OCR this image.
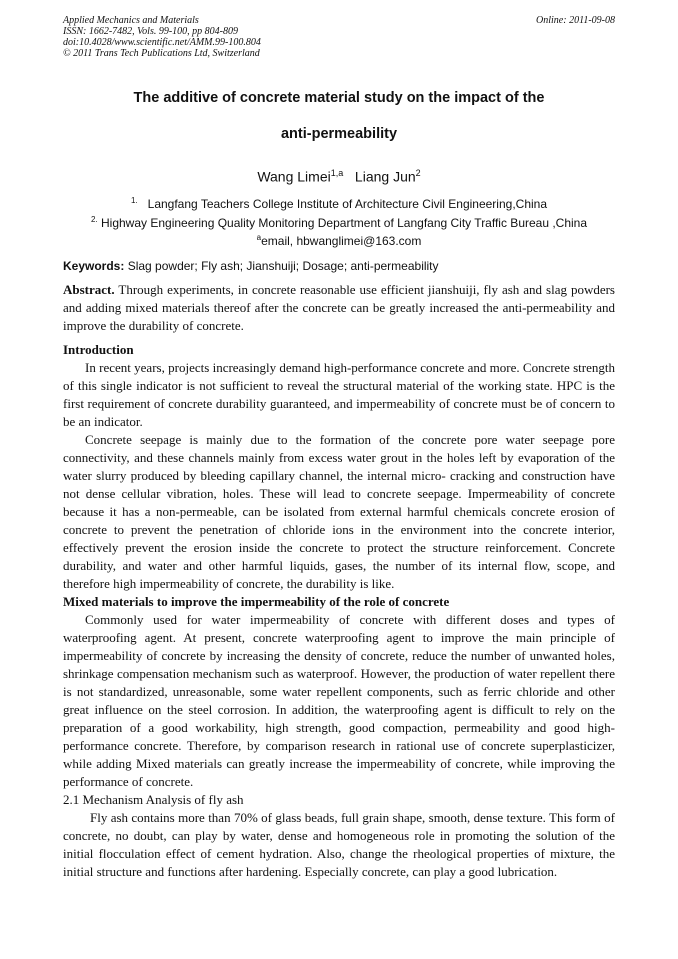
Applied Mechanics and Materials
ISSN: 1662-7482, Vols. 99-100, pp 804-809
doi:10.4028/www.scientific.net/AMM.99-100.804
© 2011 Trans Tech Publications Ltd, Switzerland
Online: 2011-09-08
The additive of concrete material study on the impact of the
anti-permeability
Wang Limei$^{1,a}$ Liang Jun$^2$
$^{1.}$ Langfang Teachers College Institute of Architecture Civil Engineering,China
$^{2.}$ Highway Engineering Quality Monitoring Department of Langfang City Traffic Bureau ,China
$^a$email, hbwanglimei@163.com
Keywords: Slag powder; Fly ash; Jianshuiji; Dosage; anti-permeability

Abstract. Through experiments, in concrete reasonable use efficient jianshuiji, fly ash and slag powders and adding mixed materials thereof after the concrete can be greatly increased the anti-permeability and improve the durability of concrete.

Introduction

In recent years, projects increasingly demand high-performance concrete and more. Concrete strength of this single indicator is not sufficient to reveal the structural material of the working state. HPC is the first requirement of concrete durability guaranteed, and impermeability of concrete must be of concern to be an indicator.

Concrete seepage is mainly due to the formation of the concrete pore water seepage pore connectivity, and these channels mainly from excess water grout in the holes left by evaporation of the water slurry produced by bleeding capillary channel, the internal micro- cracking and construction have not dense cellular vibration, holes. These will lead to concrete seepage. Impermeability of concrete because it has a non-permeable, can be isolated from external harmful chemicals concrete erosion of concrete to prevent the penetration of chloride ions in the environment into the concrete interior, effectively prevent the erosion inside the concrete to protect the structure reinforcement. Concrete durability, and water and other harmful liquids, gases, the number of its internal flow, scope, and therefore high impermeability of concrete, the durability is like.

Mixed materials to improve the impermeability of the role of concrete

Commonly used for water impermeability of concrete with different doses and types of waterproofing agent. At present, concrete waterproofing agent to improve the main principle of impermeability of concrete by increasing the density of concrete, reduce the number of unwanted holes, shrinkage compensation mechanism such as waterproof. However, the production of water repellent there is not standardized, unreasonable, some water repellent components, such as ferric chloride and other great influence on the steel corrosion. In addition, the waterproofing agent is difficult to rely on the preparation of a good workability, high strength, good compaction, permeability and good high-performance concrete. Therefore, by comparison research in rational use of concrete superplasticizer, while adding Mixed materials can greatly increase the impermeability of concrete, while improving the performance of concrete.

2.1 Mechanism Analysis of fly ash

Fly ash contains more than 70% of glass beads, full grain shape, smooth, dense texture. This form of concrete, no doubt, can play by water, dense and homogeneous role in promoting the solution of the initial flocculation effect of cement hydration. Also, change the rheological properties of mixture, the initial structure and functions after hardening. Especially concrete, can play a good lubrication.
